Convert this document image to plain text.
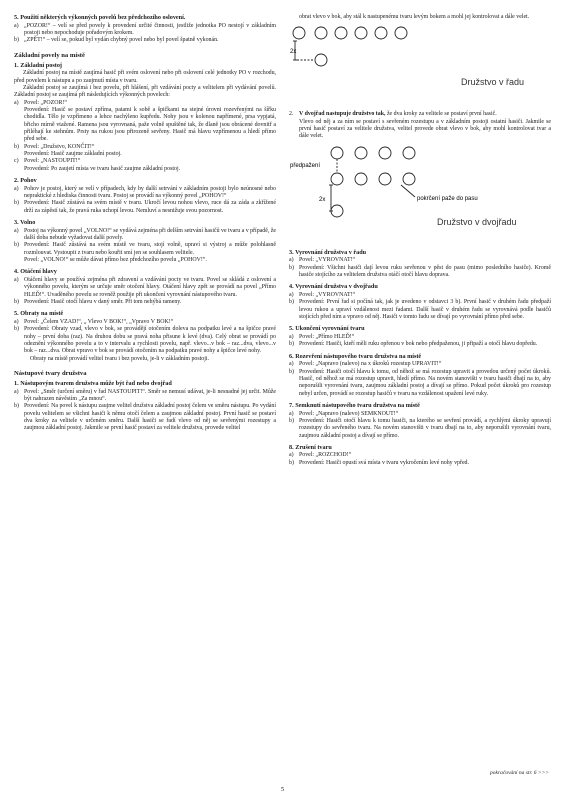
5. Použití některých výkonných povelů bez předchozího oslovení.
a) „POZOR!“ – velí se před povely k provedení určité činnosti, jestliže jednotka PO nestojí v základním postoji nebo nepochoduje pořadovým krokem.
b) „ZPĚT!“ – velí se, pokud byl vydán chybný povel nebo byl povel špatně vykonán.
Základní povely na místě
1. Základní postoj

Základní postoj na místě zaujímá hasič při svém oslovení nebo při oslovení celé jednotky PO v rozchodu, před povelem k nástupu a po zaujmutí místa v tvaru.

Základní postoj se zaujímá i bez povelu, při hlášení, při vzdávání pocty a velitelem při vydávání povelů. Základní postoj se zaujímá při následujících výkonných povelech:

a) Povel: „POZOR!“
Provedení: Hasič se postaví zpříma, patami k sobě a špičkami na stejné úrovni rozevřenými na šířku chodidla. Tělo je vzpřímeno a lehce nachýleno kupředu. Nohy jsou v kolenou napřímené, prsa vypjatá, břicho mírně vtažené. Ramena jsou vyrovnaná, paže volně spuštěné tak, že dlaně jsou obrácené dovnitř a přiléhají ke stehnům. Prsty na rukou jsou přirozeně sevřeny. Hasič má hlavu vzpřímenou a hledí přímo před sebe.
b) Povel: „Družstvo, KONČIT!“
Provedení: Hasič zaujme základní postoj.
c) Povel: „NASTOUPIT!“
Provedení: Po zaujetí místa ve tvaru hasič zaujme základní postoj.
2. Pohov
a) Pohov je postoj, který se velí v případech, kdy by další setrvání v základním postoji bylo neúnosné nebo nepraktické z hlediska činnosti tvaru. Postoj se provádí na výkonný povel „POHOV!“
b) Provedení: Hasič zůstává na svém místě v tvaru. Ukročí levou nohou vlevo, ruce dá za záda a zkřížené drží za zápěstí tak, že pravá ruka uchopí levou. Nemluví a nesnižuje svou pozornost.
3. Volno
a) Postoj na výkonný povel „VOLNO!“ se vydává zejména při delším setrvání hasičů ve tvaru a v případě, že další doba nebude vyžadovat další povely.
b) Provedení: Hasič zůstává na svém místě ve tvaru, stojí volně, upraví si výstroj a může polohlasně rozmlouvat. Vystoupit z tvaru nebo kouřit smí jen se souhlasem velitele.
Povel: „VOLNO!“ se může dávat přímo bez předchozího povelu „POHOV!“.
4. Otáčení hlavy
a) Otáčení hlavy se používá zejména při zdravení a vzdávání pocty ve tvaru. Povel se skládá z oslovení a výkonného povelu, kterým se určuje směr otočení hlavy. Otáčení hlavy zpět se provádí na povel „Přímo HLEĎ!“. Uvaděného povelu se rovněž použije při ukončení vyrovnání nástupového tvaru.
b) Provedení: Hasič otočí hlavu v daný směr. Při tom nehýbá rameny.
5. Obraty na místě
a) Povel: „Čelem VZAD!“, „ Vlevo V BOK!“, „Vpravo V BOK!“
b) Provedení: Obraty vzad, vlevo v bok, se provádějí otočením doleva na podpatku levé a na špičce pravé nohy – první doba (raz). Na druhou dobu se pravá noha přisune k levé (dva). Celý obrat se provádí po odeznění výkonného povelu a to v intervalu a rychlosti povelu, např. vlevo...v bok – raz...dva, vlevo...v bok – raz...dva. Obrat vpravo v bok se provádí otočením na podpatku pravé nohy a špičce levé nohy.
Obraty na místě provádí velitel tvaru i bez povelu, je-li v základním postoji.
Nástupové tvary družstva
1. Nástupovým tvarem družstva může být řad nebo dvojřad
a) Povel: „Směr (určení směru) v řad NASTOUPIT!“. Směr se nemusí udávat, je-li nesnadné jej určit. Může být nahrazen návěstím „Za mnou“.
b) Provedení: Na povel k nástupu zaujme velitel družstva základní postoj čelem ve směru nástupu. Po vydání povelu velitelem se všichni hasiči k němu otočí čelem a zaujmou základní postoj. První hasič se postaví dva kroky za velitele v určeném směru. Další hasiči se řadí vlevo od něj se sevřenými rozestupy a zaujmou základní postoj. Jakmile se první hasič postaví za velitele družstva, provede velitel

obrat vlevo v bok, aby stál k nastupenému tvaru levým bokem a mohl jej kontrolovat a dále velet.

2x
Družstvo v řadu
2. V dvojřad nastupuje družstvo tak, že dva kroky za velitele se postaví první hasič.
Vlevo od něj a za ním se postaví s sevřeném rozestupu a v základním postoji ostatní hasiči. Jakmile se první hasič postaví za velitele družstva, velitel provede obrat vlevo v bok, aby mohl kontrolovat tvar a dále velet.
předpažení
2x	pokrčení paže do pasu
Družstvo v dvojřadu
3. Vyrovnání družstva v řadu
a) Povel: „VYROVNAT!“
b) Provedení: Všichni hasiči dají levou ruku sevřenou v pěst do pasu (mimo posledního hasiče). Kromě hasiče stojícího za velitelem družstva otáčí otočí hlavu doprava.
4. Vyrovnání družstva v dvojřadu
a) Povel: „VYROVNAT!“
b) Provedení: První řad si počíná tak, jak je uvedeno v odstavci 3 b). První hasič v druhém řadu předpaží levou rukou a upraví vzdálenost mezi řadami. Další hasič v druhém řadu se vyrovnává podle hasičů stojících před ním a vpravo od něj. Hasiči v tomto řadu se dívají po vyrovnání přímo před sebe.
5. Ukončení vyrovnání tvaru
a) Povel: „Přímo HLEĎ!“
b) Provedení: Hasiči, kteří měli ruku opřenou v bok nebo předpaženou, ji připaží a otočí hlavu dopředu.
6. Rozevření nástupového tvaru družstva na místě
a) Povel: „Napravo (nalevo) na x úkroků rozestup UPRAVIT!“
b) Provedení: Hasiči otočí hlavu k tomu, od něhož se má rozestup upravit a provedou určený počet úkroků. Hasič, od něhož se má rozestup upravit, hledí přímo. Na novém stanovišti v tvaru hasiči dbají na to, aby neporušili vyrovnání tvaru, zaujmou základní postoj a dívají se přímo. Pokud počet úkroků pro rozestup nebyl určen, provádí se rozestup hasičů v tvaru na vzdálenost upažení levé ruky.
7. Semknutí nástupového tvaru družstva na místě
a) Povel: „Napravo (nalevo) SEMKNOUT!“
b) Provedení: Hasiči otočí hlavu k tomu hasiči, na kterého se sevření provádí, a rychlými úkroky upravují rozestupy do sevřeného tvaru. Na novém stanovišti v tvaru dbají na to, aby neporušili vyrovnání tvaru, zaujmou základní postoj a dívají se přímo.
8. Zrušení tvaru
a) Povel: „ROZCHOD!“
b) Provedení: Hasiči opustí svá místa v tvaru vykročením levé nohy vpřed.
pokračování na str. 6 >>>
5
